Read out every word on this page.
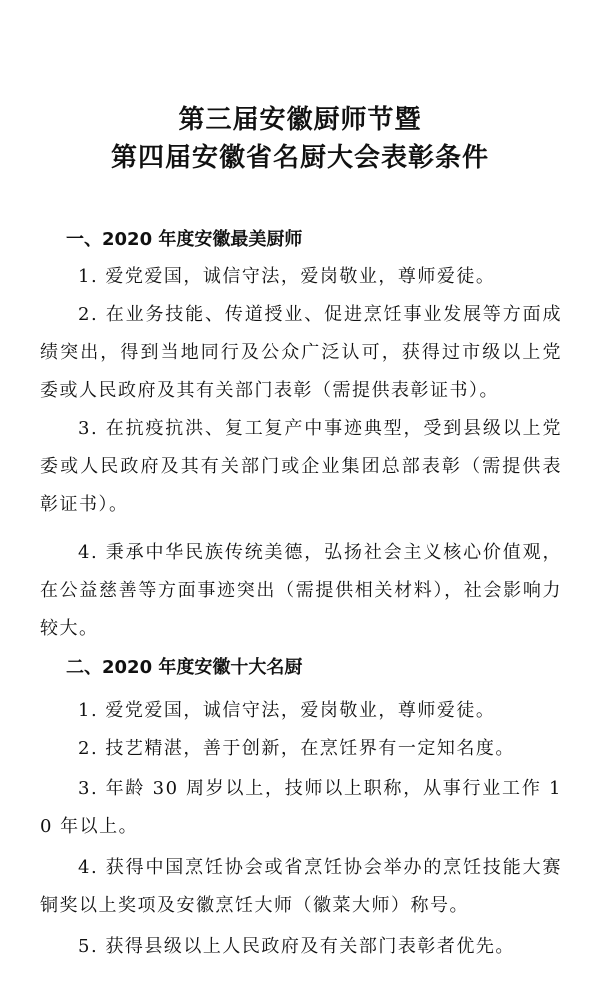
第三届安徽厨师节暨
第四届安徽省名厨大会表彰条件
一、2020 年度安徽最美厨师
1. 爱党爱国，诚信守法，爱岗敬业，尊师爱徒。
2. 在业务技能、传道授业、促进烹饪事业发展等方面成绩突出，得到当地同行及公众广泛认可，获得过市级以上党委或人民政府及其有关部门表彰（需提供表彰证书）。
3. 在抗疫抗洪、复工复产中事迹典型，受到县级以上党委或人民政府及其有关部门或企业集团总部表彰（需提供表彰证书）。
4. 秉承中华民族传统美德，弘扬社会主义核心价值观，在公益慈善等方面事迹突出（需提供相关材料），社会影响力较大。
二、2020 年度安徽十大名厨
1. 爱党爱国，诚信守法，爱岗敬业，尊师爱徒。
2. 技艺精湛，善于创新，在烹饪界有一定知名度。
3. 年龄 30 周岁以上，技师以上职称，从事行业工作 10 年以上。
4. 获得中国烹饪协会或省烹饪协会举办的烹饪技能大赛铜奖以上奖项及安徽烹饪大师（徽菜大师）称号。
5. 获得县级以上人民政府及有关部门表彰者优先。
